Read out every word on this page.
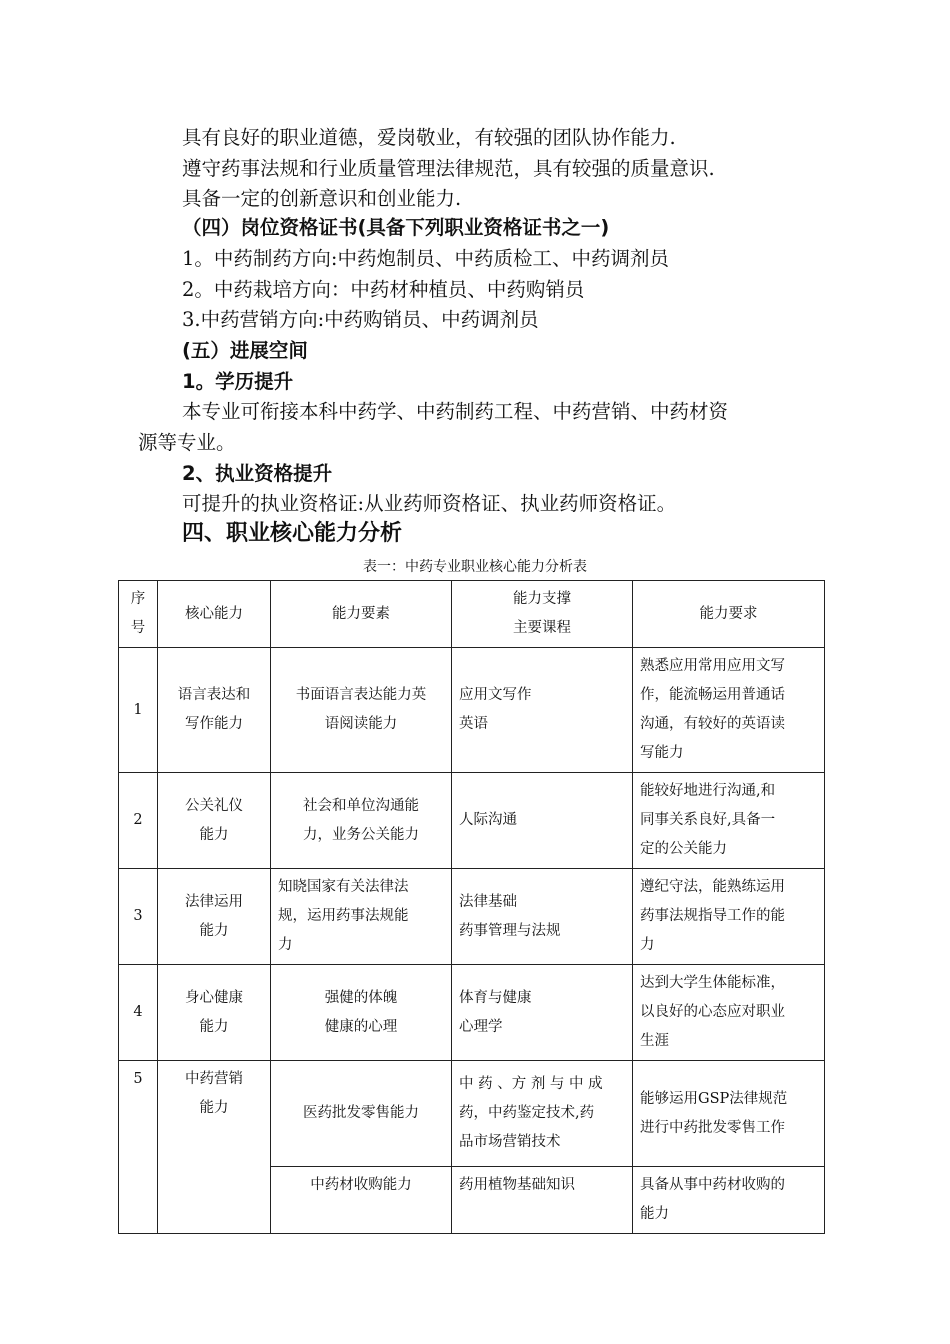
具有良好的职业道德，爱岗敬业，有较强的团队协作能力.
遵守药事法规和行业质量管理法律规范，具有较强的质量意识.
具备一定的创新意识和创业能力.
（四）岗位资格证书(具备下列职业资格证书之一)
1。中药制药方向:中药炮制员、中药质检工、中药调剂员
2。中药栽培方向：中药材种植员、中药购销员
3.中药营销方向:中药购销员、中药调剂员
(五）进展空间
1。学历提升
本专业可衔接本科中药学、中药制药工程、中药营销、中药材资
源等专业。
2、执业资格提升
可提升的执业资格证:从业药师资格证、执业药师资格证。
四、职业核心能力分析
表一：中药专业职业核心能力分析表
序
号	核心能力	能力要素	能力支撑
主要课程	能力要求
1	语言表达和
写作能力	书面语言表达能力英
语阅读能力	应用文写作
英语	熟悉应用常用应用文写
作，能流畅运用普通话
沟通，有较好的英语读
写能力

2	公关礼仪
能力	社会和单位沟通能
力，业务公关能力	人际沟通	能较好地进行沟通,和
同事关系良好,具备一
定的公关能力

3	法律运用
能力	知晓国家有关法律法
规，运用药事法规能
力	法律基础
药事管理与法规	遵纪守法，能熟练运用
药事法规指导工作的能
力

4	身心健康
能力	强健的体魄
健康的心理	体育与健康
心理学	达到大学生体能标准，
以良好的心态应对职业
生涯

5	中药营销
能力	医药批发零售能力	中 药 、方 剂 与 中 成
药，中药鉴定技术,药
品市场营销技术	能够运用GSP法律规范
进行中药批发零售工作

		中药材收购能力	药用植物基础知识	具备从事中药材收购的
能力
